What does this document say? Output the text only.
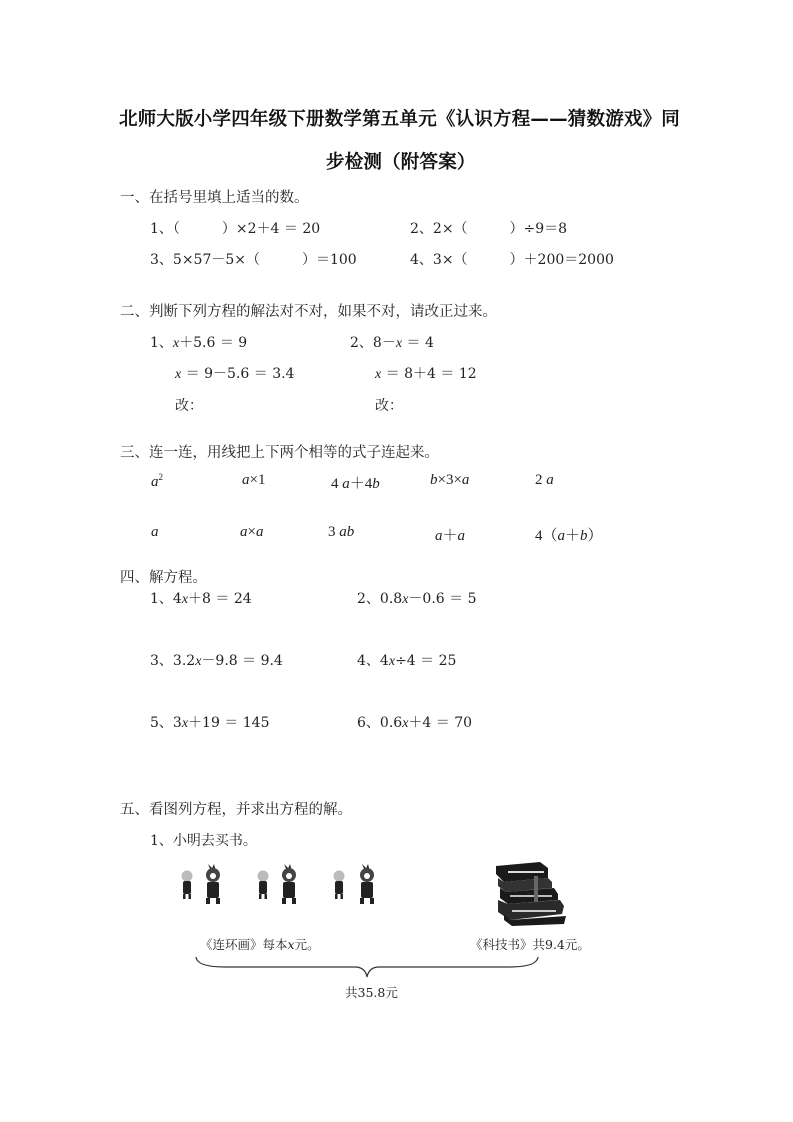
北师大版小学四年级下册数学第五单元《认识方程——猜数游戏》同
步检测（附答案）
一、在括号里填上适当的数。
1、（　　　）×2＋4 ＝ 20	2、2×（　　　）÷9＝8
3、5×57－5×（　　　）＝100	4、3×（　　　）＋200＝2000
二、判断下列方程的解法对不对，如果不对，请改正过来。
1、x＋5.6 ＝ 9
x ＝ 9－5.6 ＝ 3.4
改：
2、8－x ＝ 4
x ＝ 8＋4 ＝ 12
改：
三、连一连，用线把上下两个相等的式子连起来。
$a^2$	a×1	4 a＋4b	b×3×a	2 a
a	a×a	3 ab	a＋a	4（a＋b）
四、解方程。
1、4x＋8 ＝ 24	2、0.8x－0.6 ＝ 5
3、3.2x－9.8 ＝ 9.4	4、4x÷4 ＝ 25
5、3x＋19 ＝ 145	6、0.6x＋4 ＝ 70
五、看图列方程，并求出方程的解。
1、小明去买书。
《连环画》每本x元。	《科技书》共9.4元。
共35.8元
